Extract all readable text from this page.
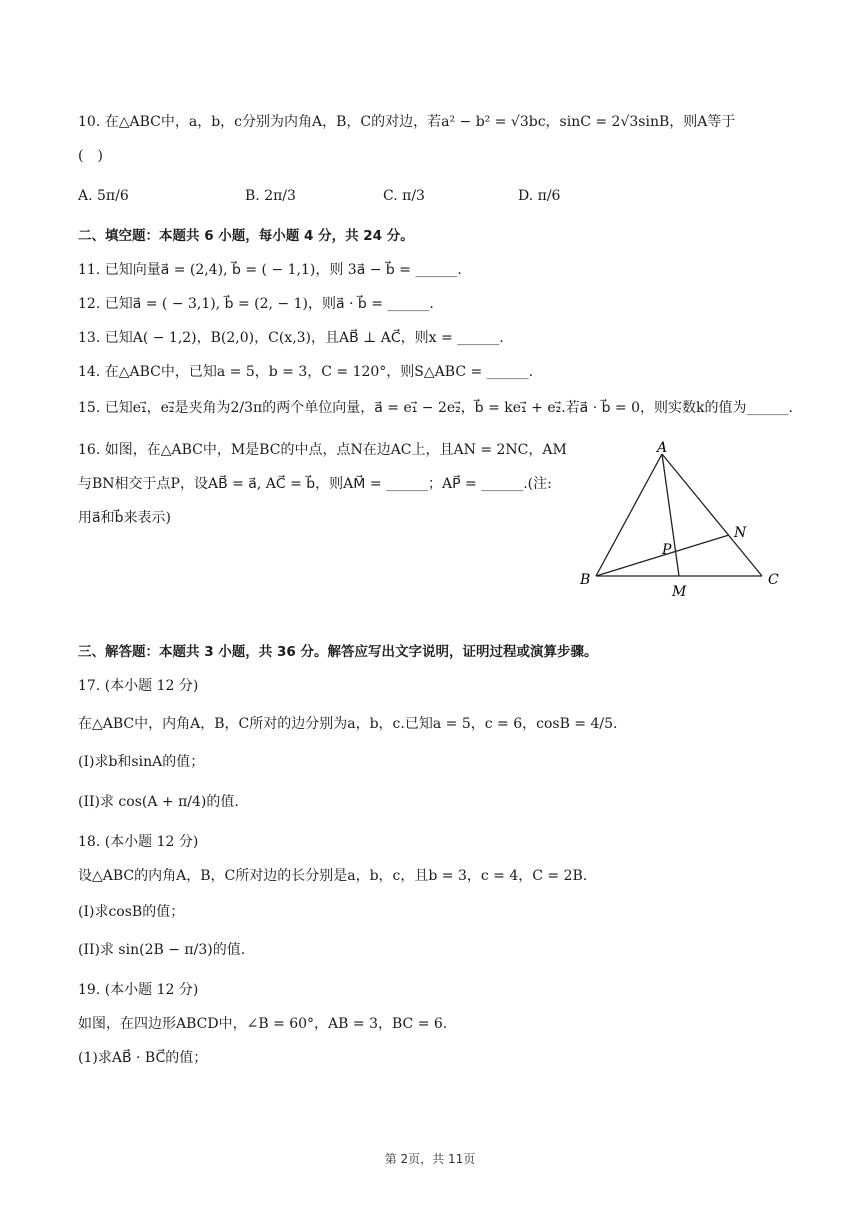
10. 在△ABC中，a，b，c分别为内角A，B，C的对边，若a² − b² = √3bc，sinC = 2√3sinB，则A等于
(　)
A. 5π/6	B. 2π/3	C. π/3	D. π/6
二、填空题：本题共 6 小题，每小题 4 分，共 24 分。
11. 已知向量a⃗ = (2,4), b⃗ = ( − 1,1)，则 3a⃗ − b⃗ = ______.
12. 已知a⃗ = ( − 3,1), b⃗ = (2, − 1)，则a⃗ · b⃗ = ______.
13. 已知A( − 1,2)，B(2,0)，C(x,3)，且AB⃗ ⊥ AC⃗，则x = ______.
14. 在△ABC中，已知a = 5，b = 3，C = 120°，则S△ABC = ______.
15. 已知e₁⃗，e₂⃗是夹角为2/3π的两个单位向量，a⃗ = e₁⃗ − 2e₂⃗，b⃗ = ke₁⃗ + e₂⃗.若a⃗ · b⃗ = 0，则实数k的值为______.
16. 如图，在△ABC中，M是BC的中点，点N在边AC上，且AN = 2NC，AM
与BN相交于点P，设AB⃗ = a⃗, AC⃗ = b⃗，则AM⃗ = ______；AP⃗ = ______.(注:
用a⃗和b⃗来表示)
A
B	C
M
N
P
三、解答题：本题共 3 小题，共 36 分。解答应写出文字说明，证明过程或演算步骤。
17. (本小题 12 分)
在△ABC中，内角A，B，C所对的边分别为a，b，c.已知a = 5，c = 6，cosB = 4/5.
(I)求b和sinA的值；
(II)求 cos(A + π/4)的值.
18. (本小题 12 分)
设△ABC的内角A，B，C所对边的长分别是a，b，c，且b = 3，c = 4，C = 2B.
(I)求cosB的值；
(II)求 sin(2B − π/3)的值.
19. (本小题 12 分)
如图，在四边形ABCD中，∠B = 60°，AB = 3，BC = 6.
(1)求AB⃗ · BC⃗的值；
第 2页，共 11页
